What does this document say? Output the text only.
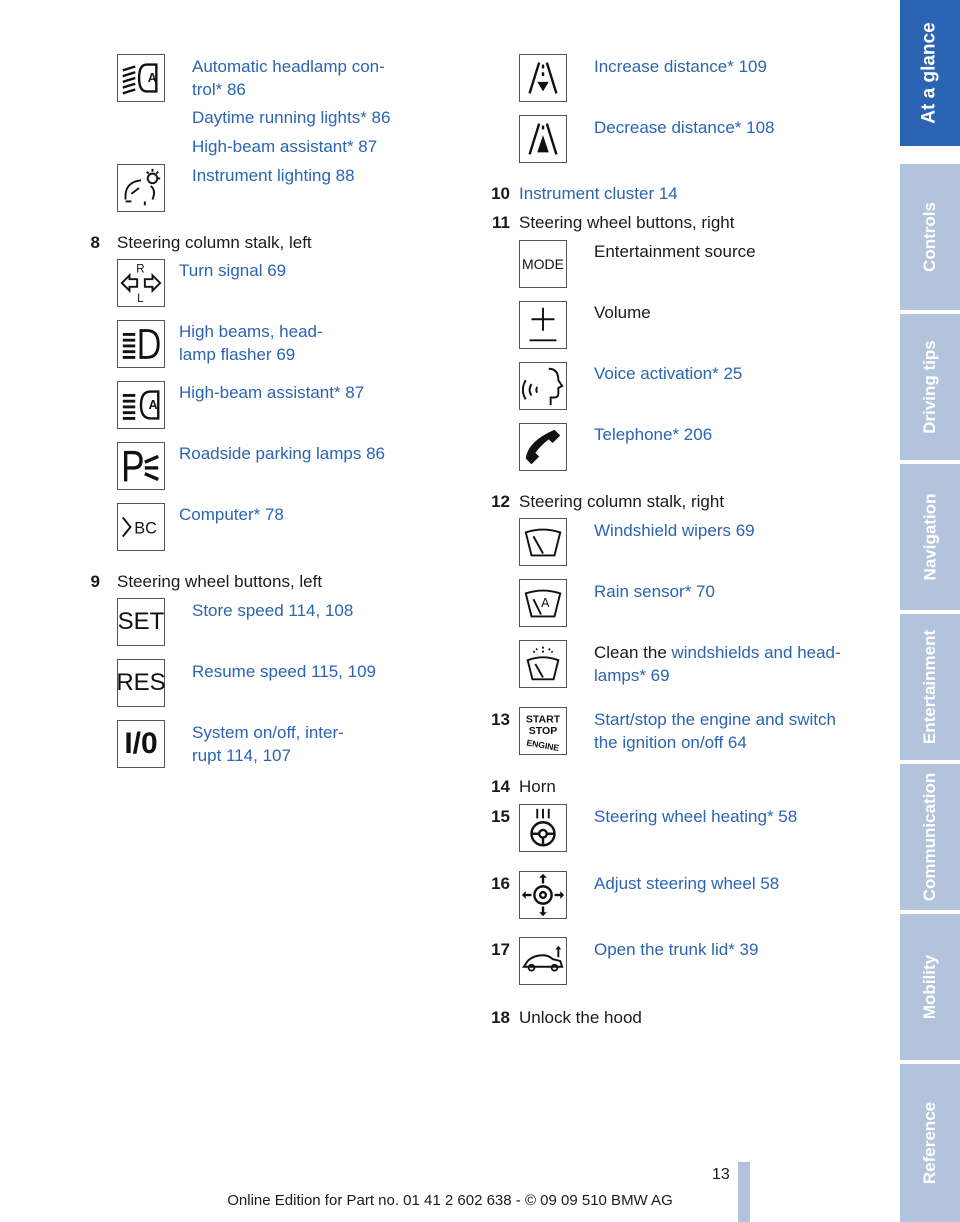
A
Automatic headlamp con-
trol* 86
Daytime running lights* 86
High-beam assistant* 87
Instrument lighting 88
8 Steering column stalk, left
R
L
Turn signal 69
High beams, head-
lamp flasher 69
A
High-beam assistant* 87
Roadside parking lamps 86
BC
Computer* 78
9 Steering wheel buttons, left
SET Store speed 114, 108
RES Resume speed 115, 109
I/0	System on/off, inter-
rupt 114, 107
Increase distance* 109
Decrease distance* 108
10 Instrument cluster 14
11 Steering wheel buttons, right
MODE
Entertainment source
Volume
Voice activation* 25
Telephone* 206
12 Steering column stalk, right
Windshield wipers 69
A
Rain sensor* 70
Clean the windshields and head-
lamps* 69
13 START
STOP
ENGINE
Start/stop the engine and switch
the ignition on/off 64
14 Horn
15	Steering wheel heating* 58
16	Adjust steering wheel 58
17	Open the trunk lid* 39
18 Unlock the hood
At a glance
Controls
Driving tips
Navigation
Entertainment
Communication
Mobility
Reference
13
Online Edition for Part no. 01 41 2 602 638 - © 09 09 510 BMW AG
